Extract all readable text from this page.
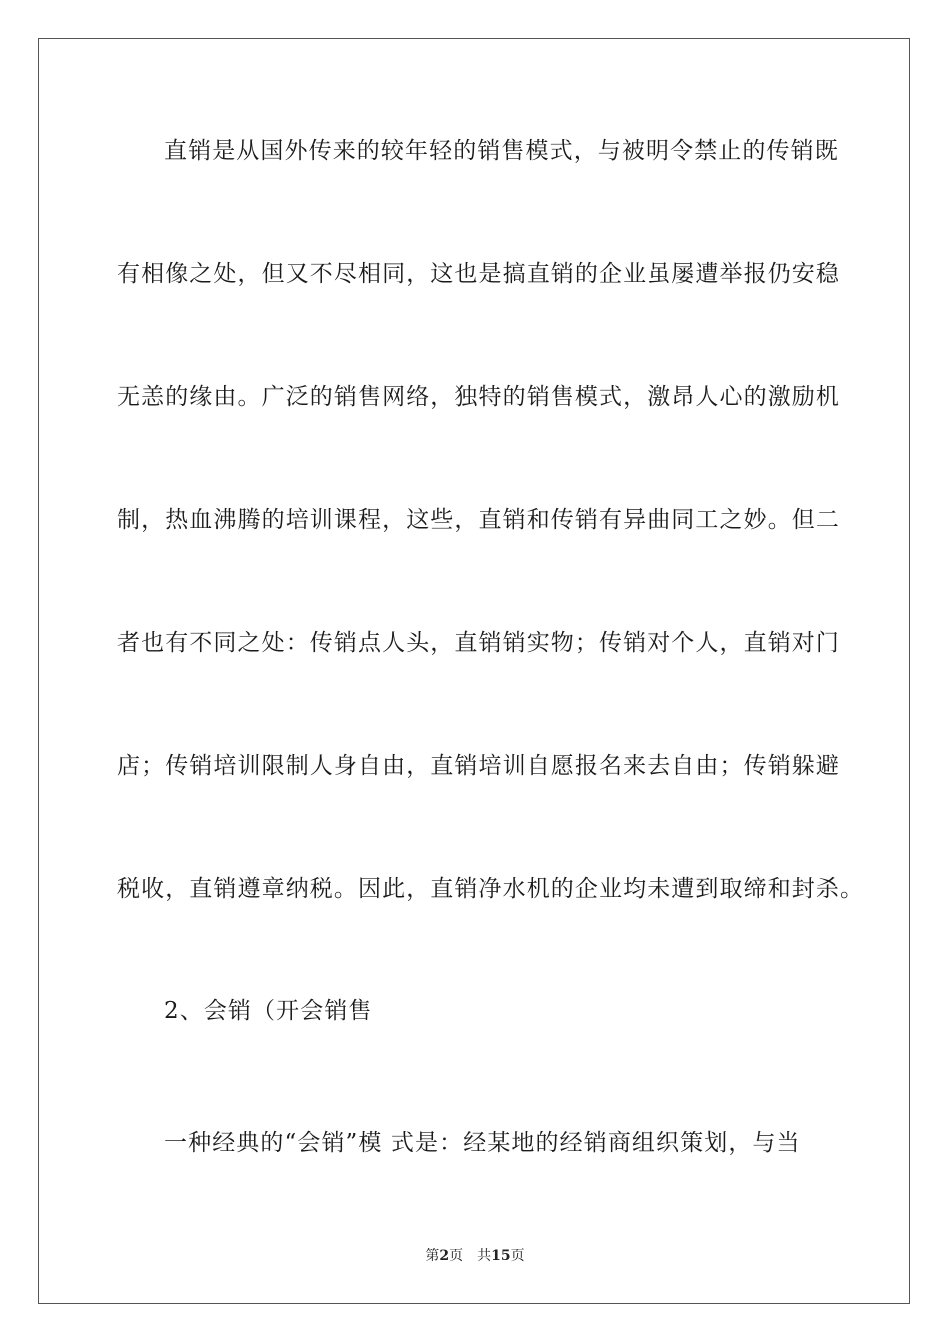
直销是从国外传来的较年轻的销售模式，与被明令禁止的传销既
有相像之处，但又不尽相同，这也是搞直销的企业虽屡遭举报仍安稳
无恙的缘由。广泛的销售网络，独特的销售模式，激昂人心的激励机
制，热血沸腾的培训课程，这些，直销和传销有异曲同工之妙。但二
者也有不同之处：传销点人头，直销销实物；传销对个人，直销对门
店；传销培训限制人身自由，直销培训自愿报名来去自由；传销躲避
税收，直销遵章纳税。因此，直销净水机的企业均未遭到取缔和封杀。
2、会销（开会销售
一种经典的“会销”模 式是：经某地的经销商组织策划，与当
第2页 共15页
